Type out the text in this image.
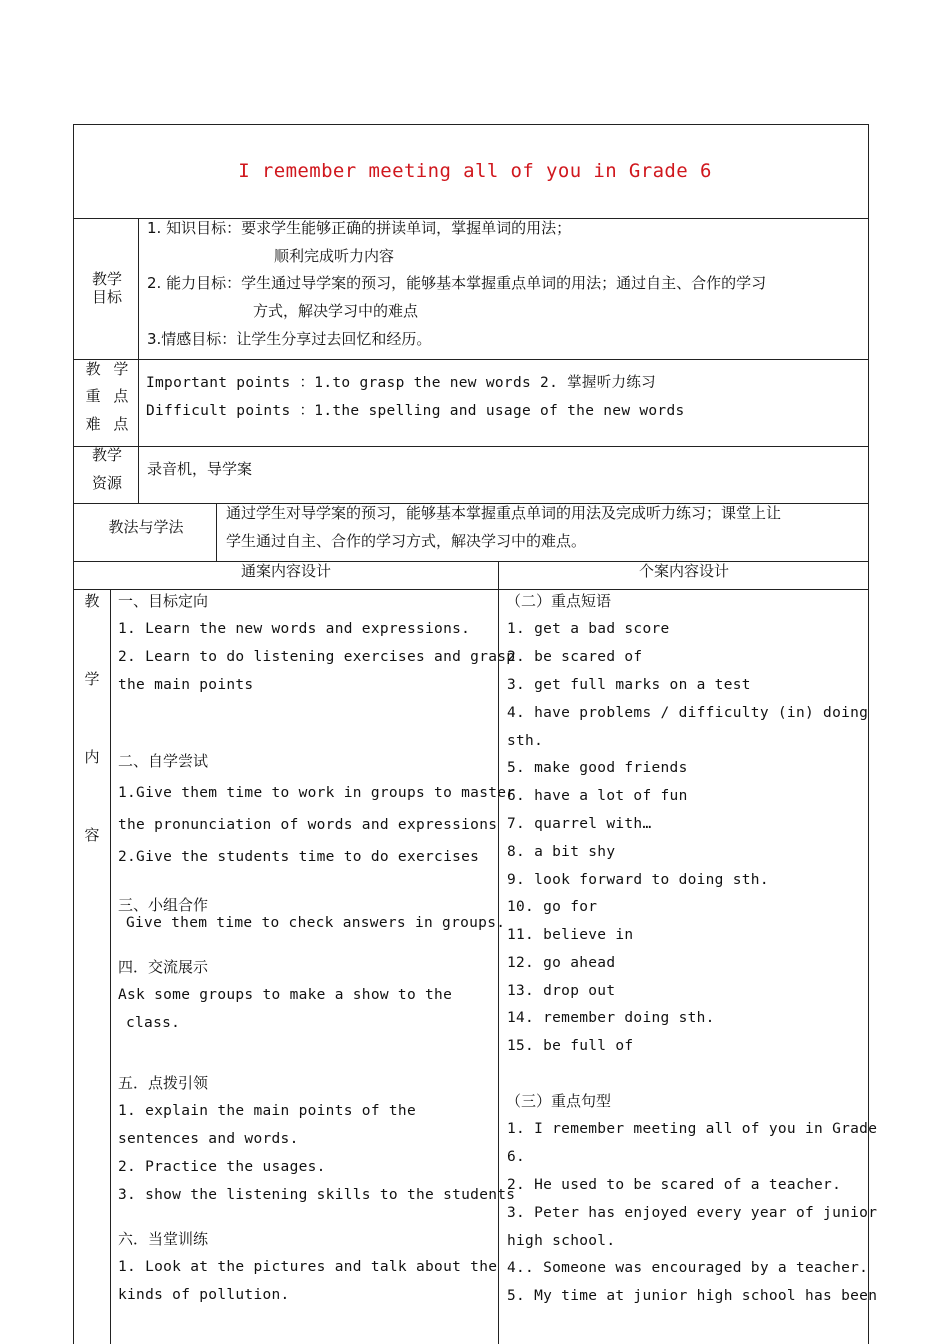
I remember meeting all of you in Grade 6
教学目标
1. 知识目标：要求学生能够正确的拼读单词，掌握单词的用法；
顺利完成听力内容
2. 能力目标：学生通过导学案的预习，能够基本掌握重点单词的用法；通过自主、合作的学习
方式，解决学习中的难点
3.情感目标：让学生分享过去回忆和经历。
教 学
重 点
难 点
Important points ：1.to grasp the new words 2. 掌握听力练习
Difficult points ：1.the spelling and usage of the new words
教学
资源
录音机，导学案
教法与学法
通过学生对导学案的预习，能够基本掌握重点单词的用法及完成听力练习；课堂上让
学生通过自主、合作的学习方式，解决学习中的难点。
通案内容设计	个案内容设计
教
学
内
容
一、目标定向
1. Learn the new words and expressions.
2. Learn to do listening exercises and grasp
the main points
二、自学尝试
1.Give them time to work in groups to master
the pronunciation of words and expressions
2.Give the students time to do exercises
三、小组合作
Give them time to check answers in groups.
四．交流展示
Ask some groups to make a show to the
class.
五．点拨引领
1. explain the main points of the
sentences and words.
2. Practice the usages.
3. show the listening skills to the students
六．当堂训练
1. Look at the pictures and talk about the
kinds of pollution.
（二）重点短语
1. get a bad score
2. be scared of
3. get full marks on a test
4. have problems / difficulty (in) doing
sth.
5. make good friends
6. have a lot of fun
7. quarrel with…
8. a bit shy
9. look forward to doing sth.
10. go for
11. believe in
12. go ahead
13. drop out
14. remember doing sth.
15. be full of
（三）重点句型
1. I remember meeting all of you in Grade
6.
2. He used to be scared of a teacher.
3. Peter has enjoyed every year of junior
high school.
4.. Someone was encouraged by a teacher.
5. My time at junior high school has been
